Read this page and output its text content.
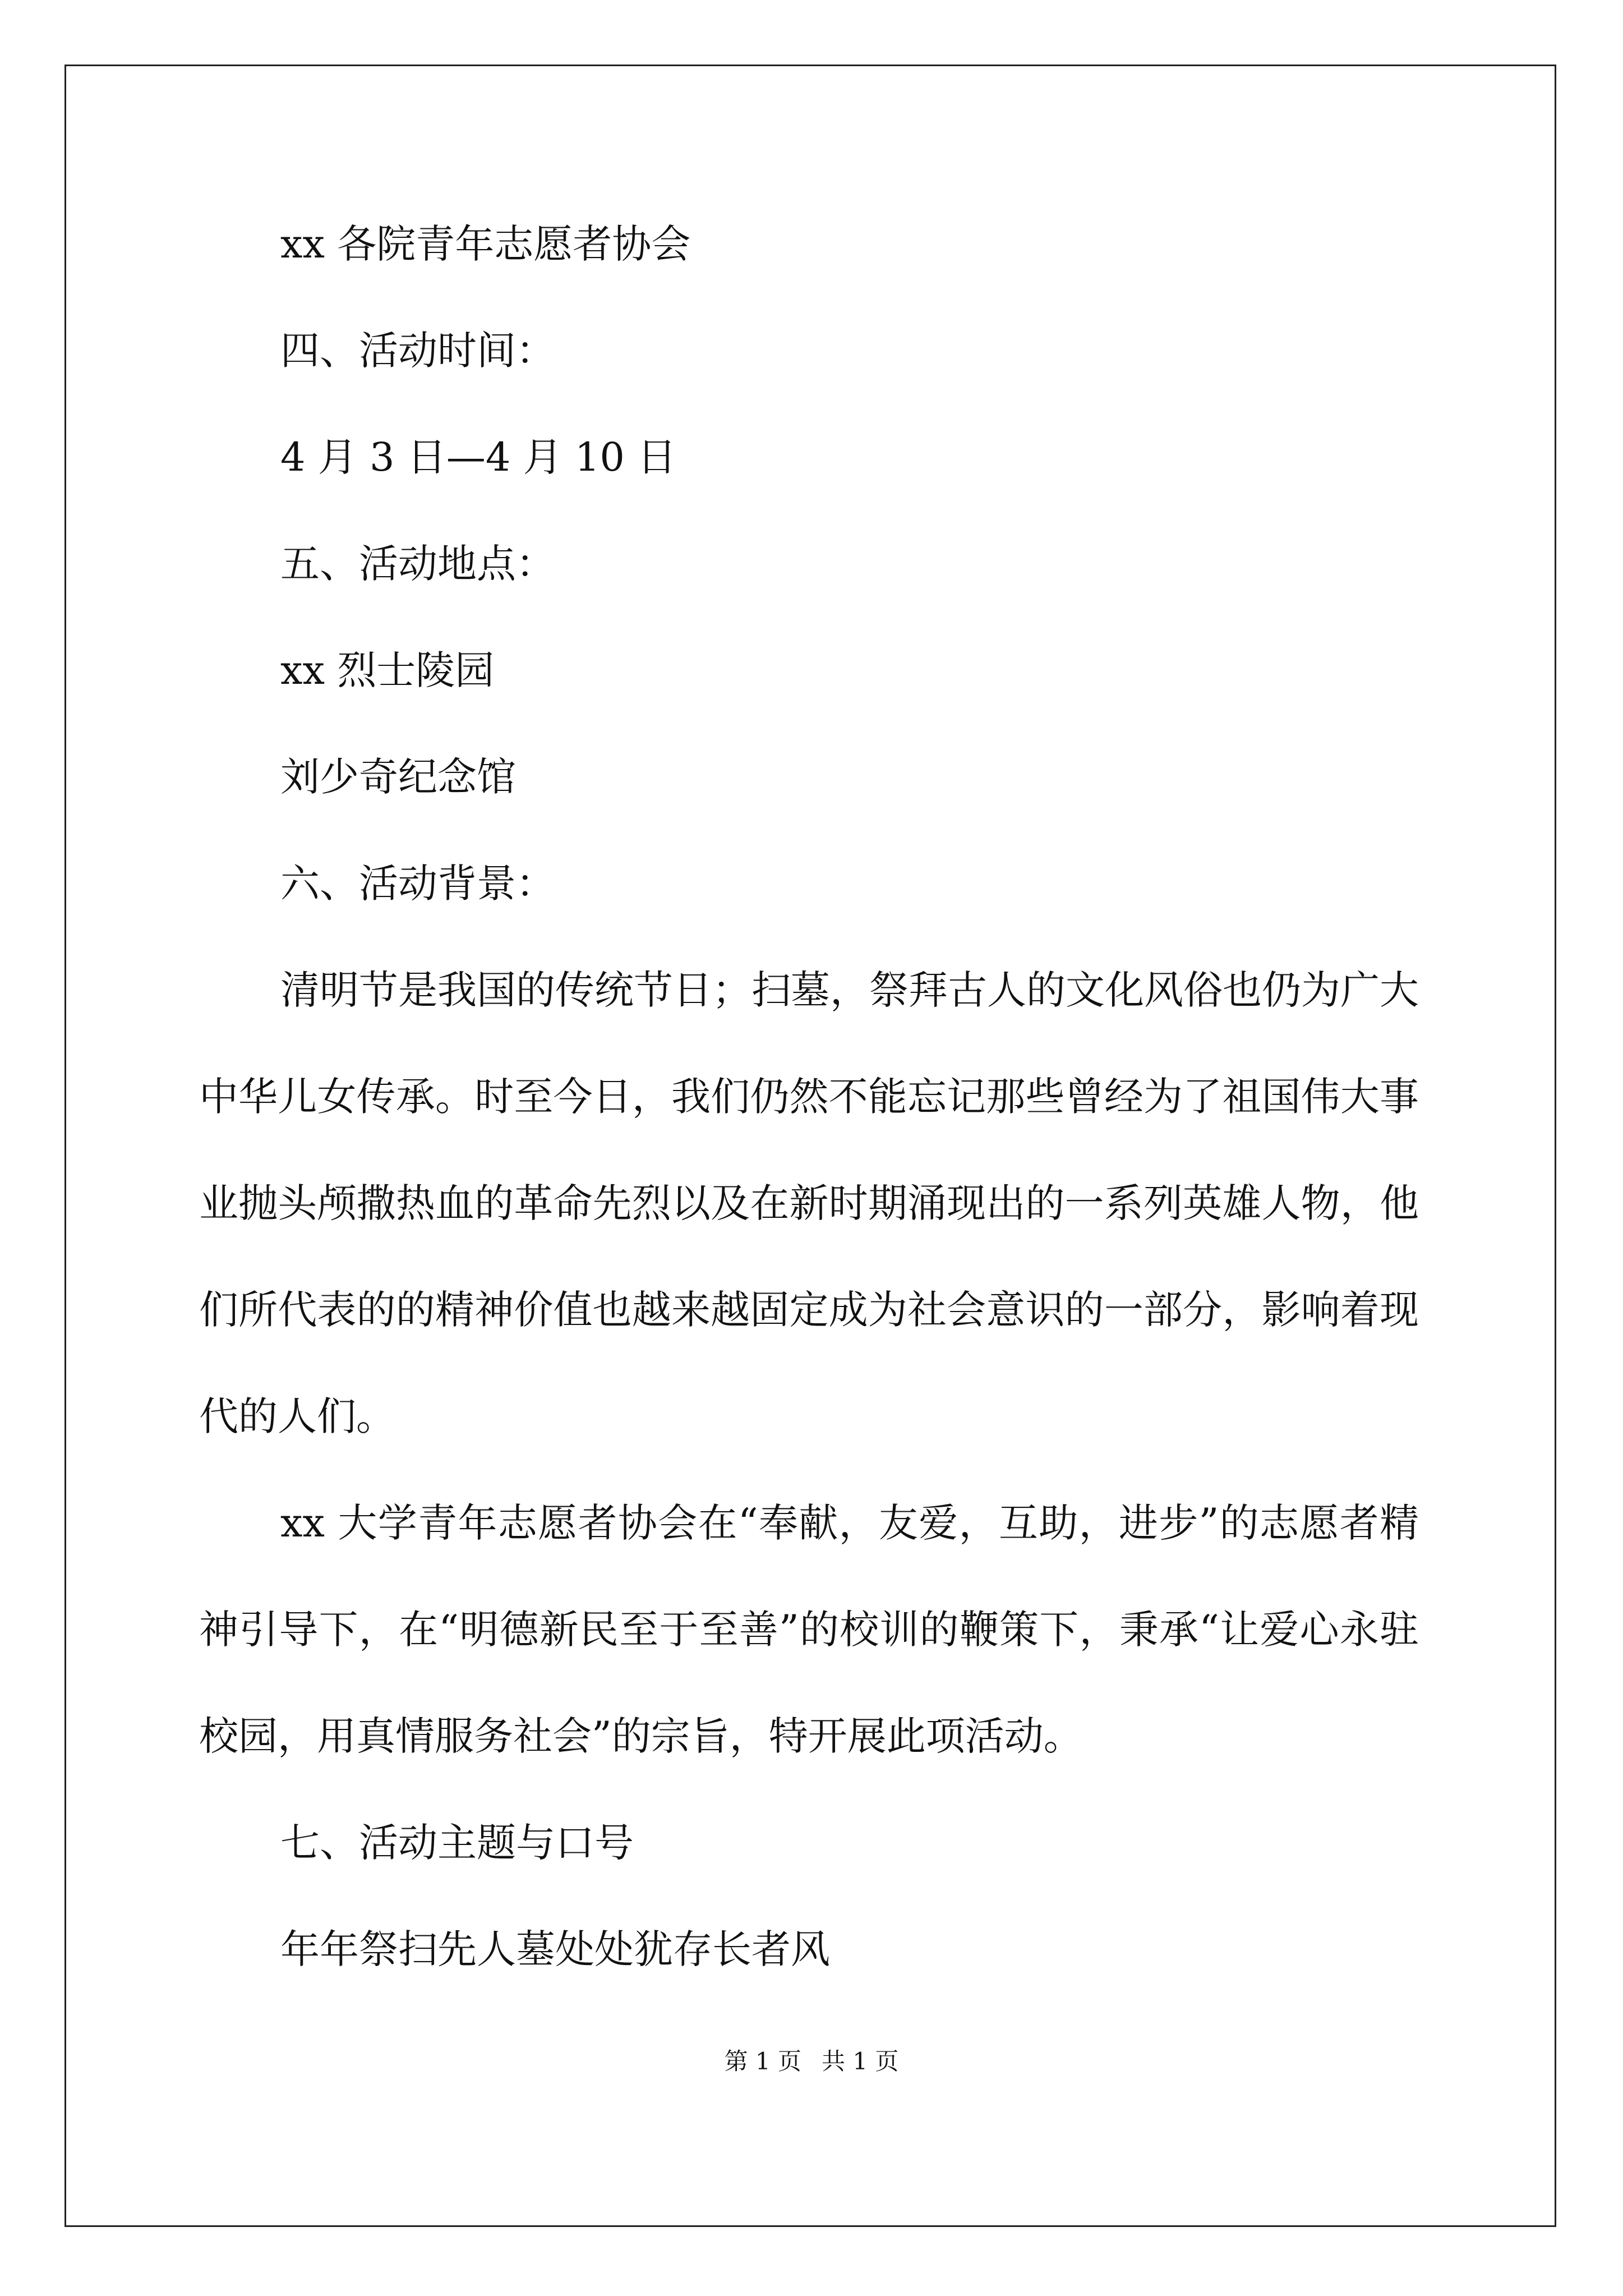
xx 各院青年志愿者协会
四、活动时间：
4 月 3 日—4 月 10 日
五、活动地点：
xx 烈士陵园
刘少奇纪念馆
六、活动背景：
清明节是我国的传统节日；扫墓，祭拜古人的文化风俗也仍为广大中华儿女传承。时至今日，我们仍然不能忘记那些曾经为了祖国伟大事业抛头颅撒热血的革命先烈以及在新时期涌现出的一系列英雄人物，他们所代表的的精神价值也越来越固定成为社会意识的一部分，影响着现代的人们。
xx 大学青年志愿者协会在“奉献，友爱，互助，进步”的志愿者精神引导下，在“明德新民至于至善”的校训的鞭策下，秉承“让爱心永驻校园，用真情服务社会”的宗旨，特开展此项活动。
七、活动主题与口号
年年祭扫先人墓处处犹存长者风
第 1 页 共 1 页
